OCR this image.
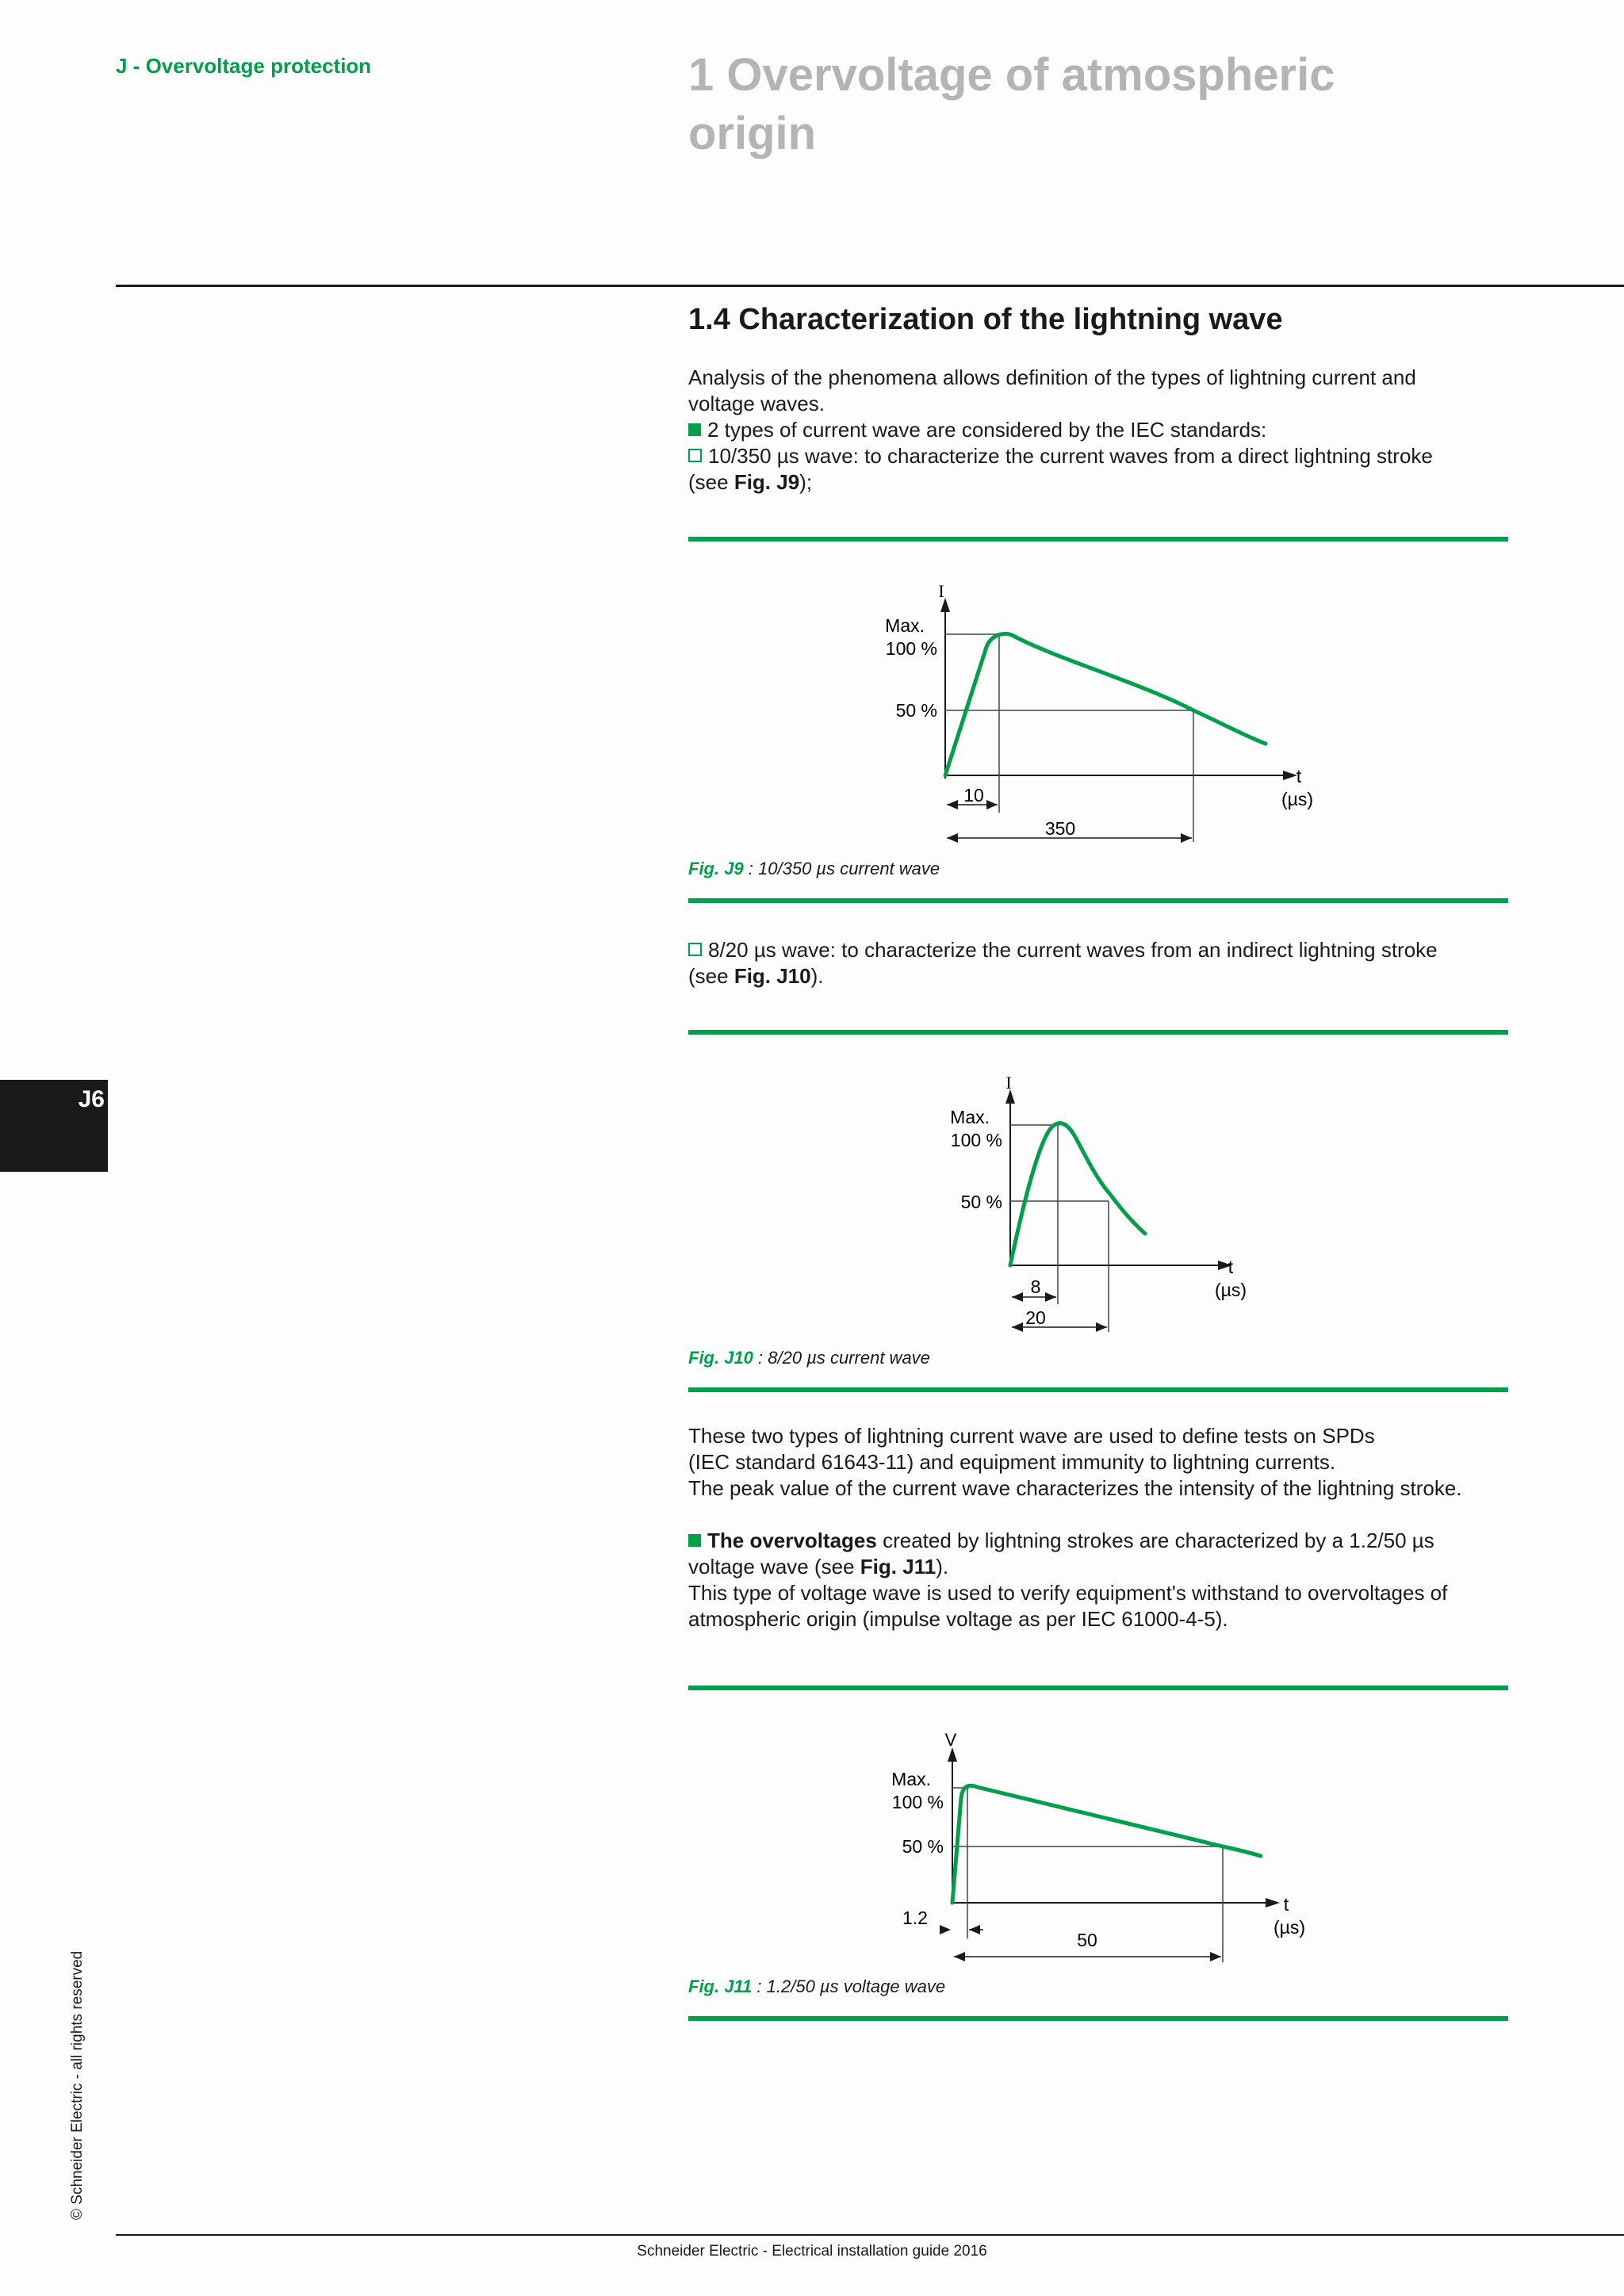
J - Overvoltage protection	1 Overvoltage of atmospheric
origin
1.4 Characterization of the lightning wave

Analysis of the phenomena allows definition of the types of lightning current and

voltage waves.

2 types of current wave are considered by the IEC standards:

10/350 µs wave: to characterize the current waves from a direct lightning stroke

(see Fig. J9);

I
Max.
100 %
50 %
t
(µs)
10
350
Fig. J9 : 10/350 µs current wave

8/20 µs wave: to characterize the current waves from an indirect lightning stroke

(see Fig. J10).

I
Max.
100 %
50 %
t
(µs)
8
20
Fig. J10 : 8/20 µs current wave

These two types of lightning current wave are used to define tests on SPDs

(IEC standard 61643-11) and equipment immunity to lightning currents.

The peak value of the current wave characterizes the intensity of the lightning stroke.

The overvoltages created by lightning strokes are characterized by a 1.2/50 µs

voltage wave (see Fig. J11).

This type of voltage wave is used to verify equipment's withstand to overvoltages of

atmospheric origin (impulse voltage as per IEC 61000-4-5).

V
Max.
100 %
50 %
t
(µs)
1.2
50
Fig. J11 : 1.2/50 µs voltage wave
J6
© Schneider Electric - all rights reserved
Schneider Electric - Electrical installation guide 2016
